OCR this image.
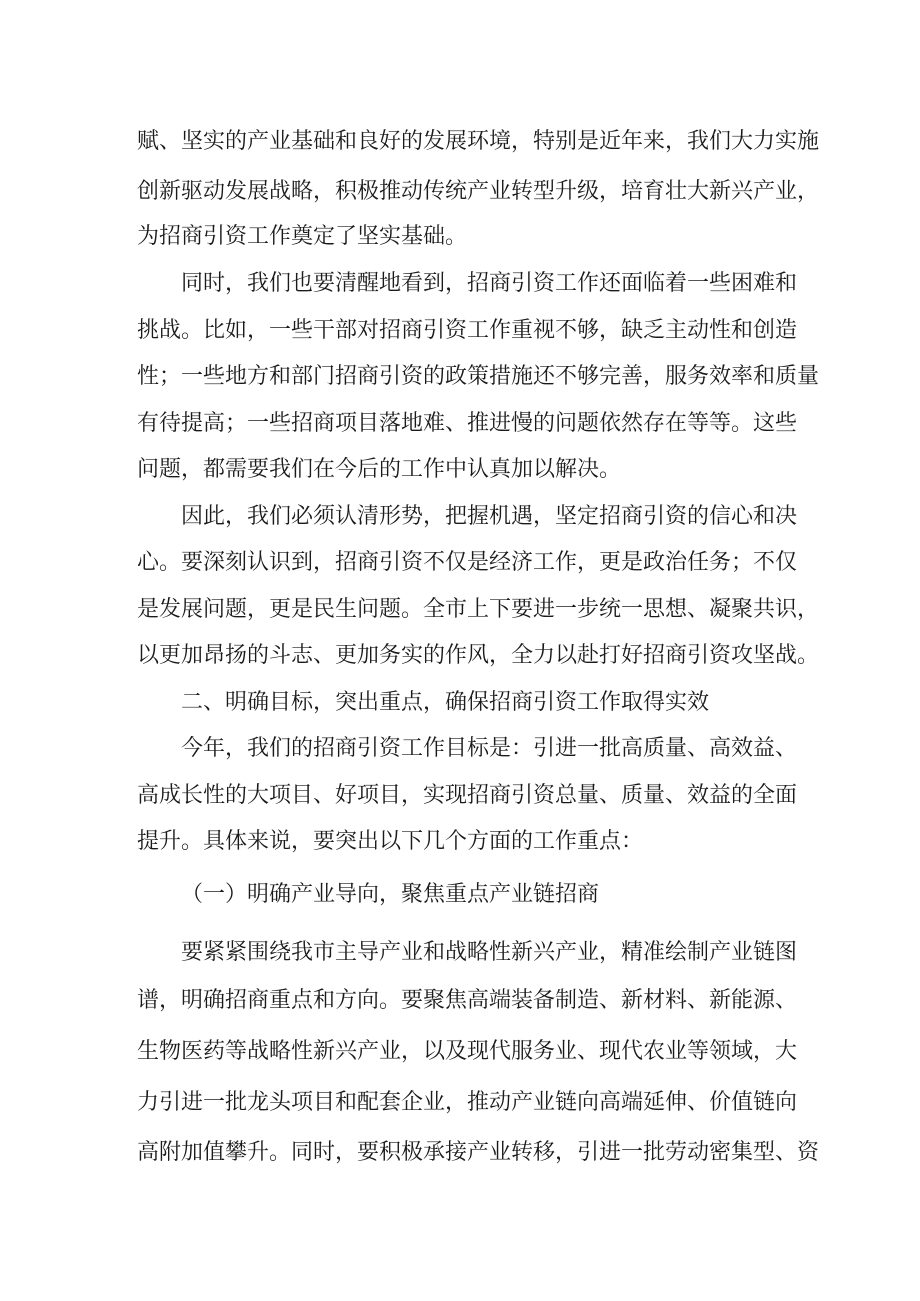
赋、坚实的产业基础和良好的发展环境，特别是近年来，我们大力实施
创新驱动发展战略，积极推动传统产业转型升级，培育壮大新兴产业，
为招商引资工作奠定了坚实基础。
同时，我们也要清醒地看到，招商引资工作还面临着一些困难和
挑战。比如，一些干部对招商引资工作重视不够，缺乏主动性和创造
性；一些地方和部门招商引资的政策措施还不够完善，服务效率和质量
有待提高；一些招商项目落地难、推进慢的问题依然存在等等。这些
问题，都需要我们在今后的工作中认真加以解决。
因此，我们必须认清形势，把握机遇，坚定招商引资的信心和决
心。要深刻认识到，招商引资不仅是经济工作，更是政治任务；不仅
是发展问题，更是民生问题。全市上下要进一步统一思想、凝聚共识，
以更加昂扬的斗志、更加务实的作风，全力以赴打好招商引资攻坚战。
二、明确目标，突出重点，确保招商引资工作取得实效
今年，我们的招商引资工作目标是：引进一批高质量、高效益、
高成长性的大项目、好项目，实现招商引资总量、质量、效益的全面
提升。具体来说，要突出以下几个方面的工作重点：
（一）明确产业导向，聚焦重点产业链招商
要紧紧围绕我市主导产业和战略性新兴产业，精准绘制产业链图
谱，明确招商重点和方向。要聚焦高端装备制造、新材料、新能源、
生物医药等战略性新兴产业，以及现代服务业、现代农业等领域，大
力引进一批龙头项目和配套企业，推动产业链向高端延伸、价值链向
高附加值攀升。同时，要积极承接产业转移，引进一批劳动密集型、资
